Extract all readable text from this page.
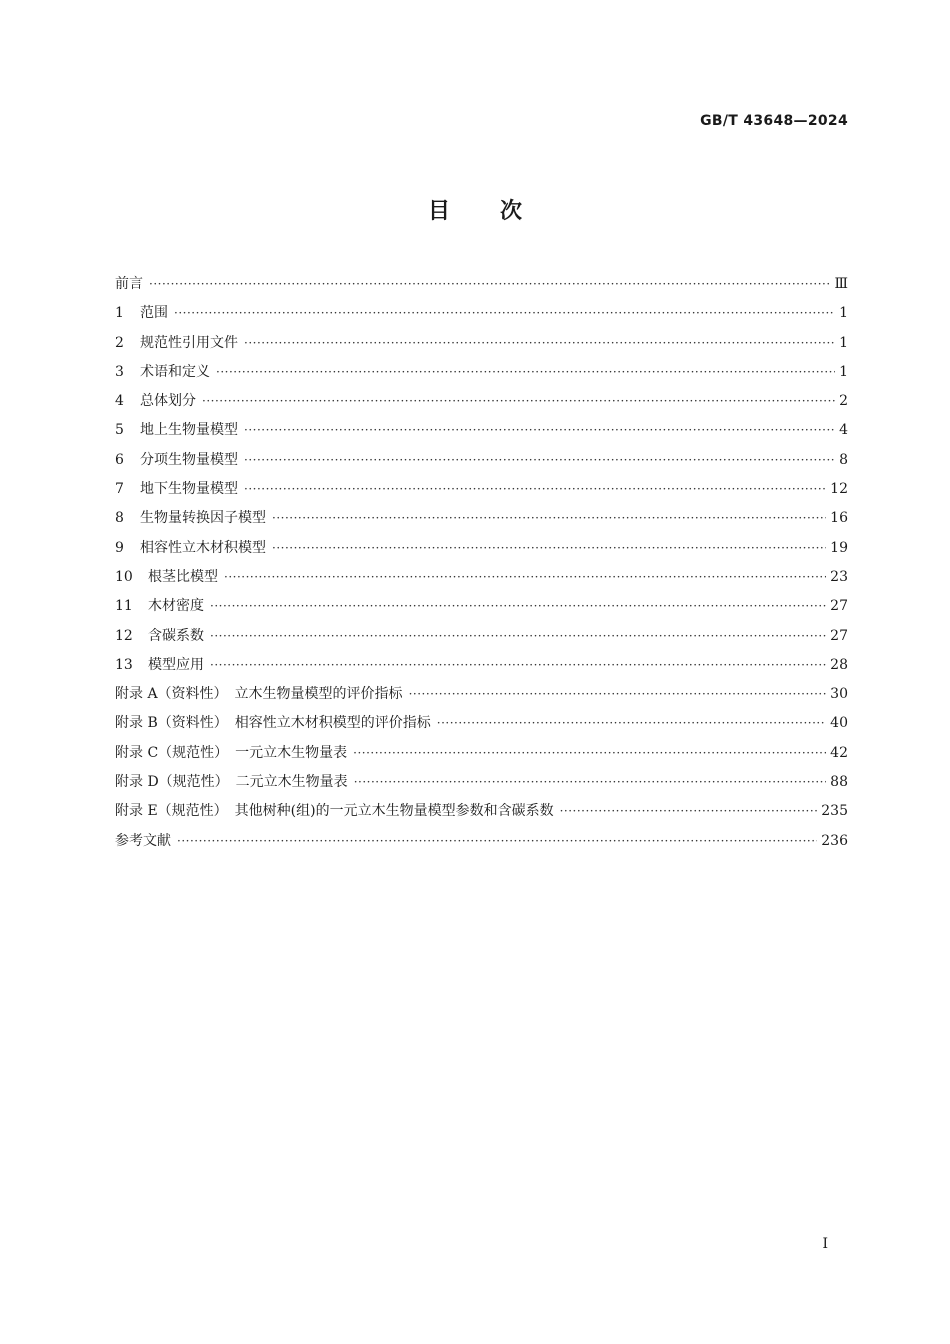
GB/T 43648—2024
目次
前言 ·····	Ⅲ
1	范围 ·····	1
2	规范性引用文件 ·····	1
3	术语和定义 ·····	1
4	总体划分 ·····	2
5	地上生物量模型 ·····	4
6	分项生物量模型 ·····	8
7	地下生物量模型 ·····	12
8	生物量转换因子模型 ·····	16
9	相容性立木材积模型 ·····	19
10	根茎比模型 ·····	23
11	木材密度 ·····	27
12	含碳系数 ·····	27
13	模型应用 ·····	28
附录 A（资料性）　立木生物量模型的评价指标 ·····	30
附录 B（资料性）　相容性立木材积模型的评价指标 ·····	40
附录 C（规范性）　一元立木生物量表 ·····	42
附录 D（规范性）　二元立木生物量表 ·····	88
附录 E（规范性）　其他树种(组)的一元立木生物量模型参数和含碳系数 ·····	235
参考文献 ·····	236
I
